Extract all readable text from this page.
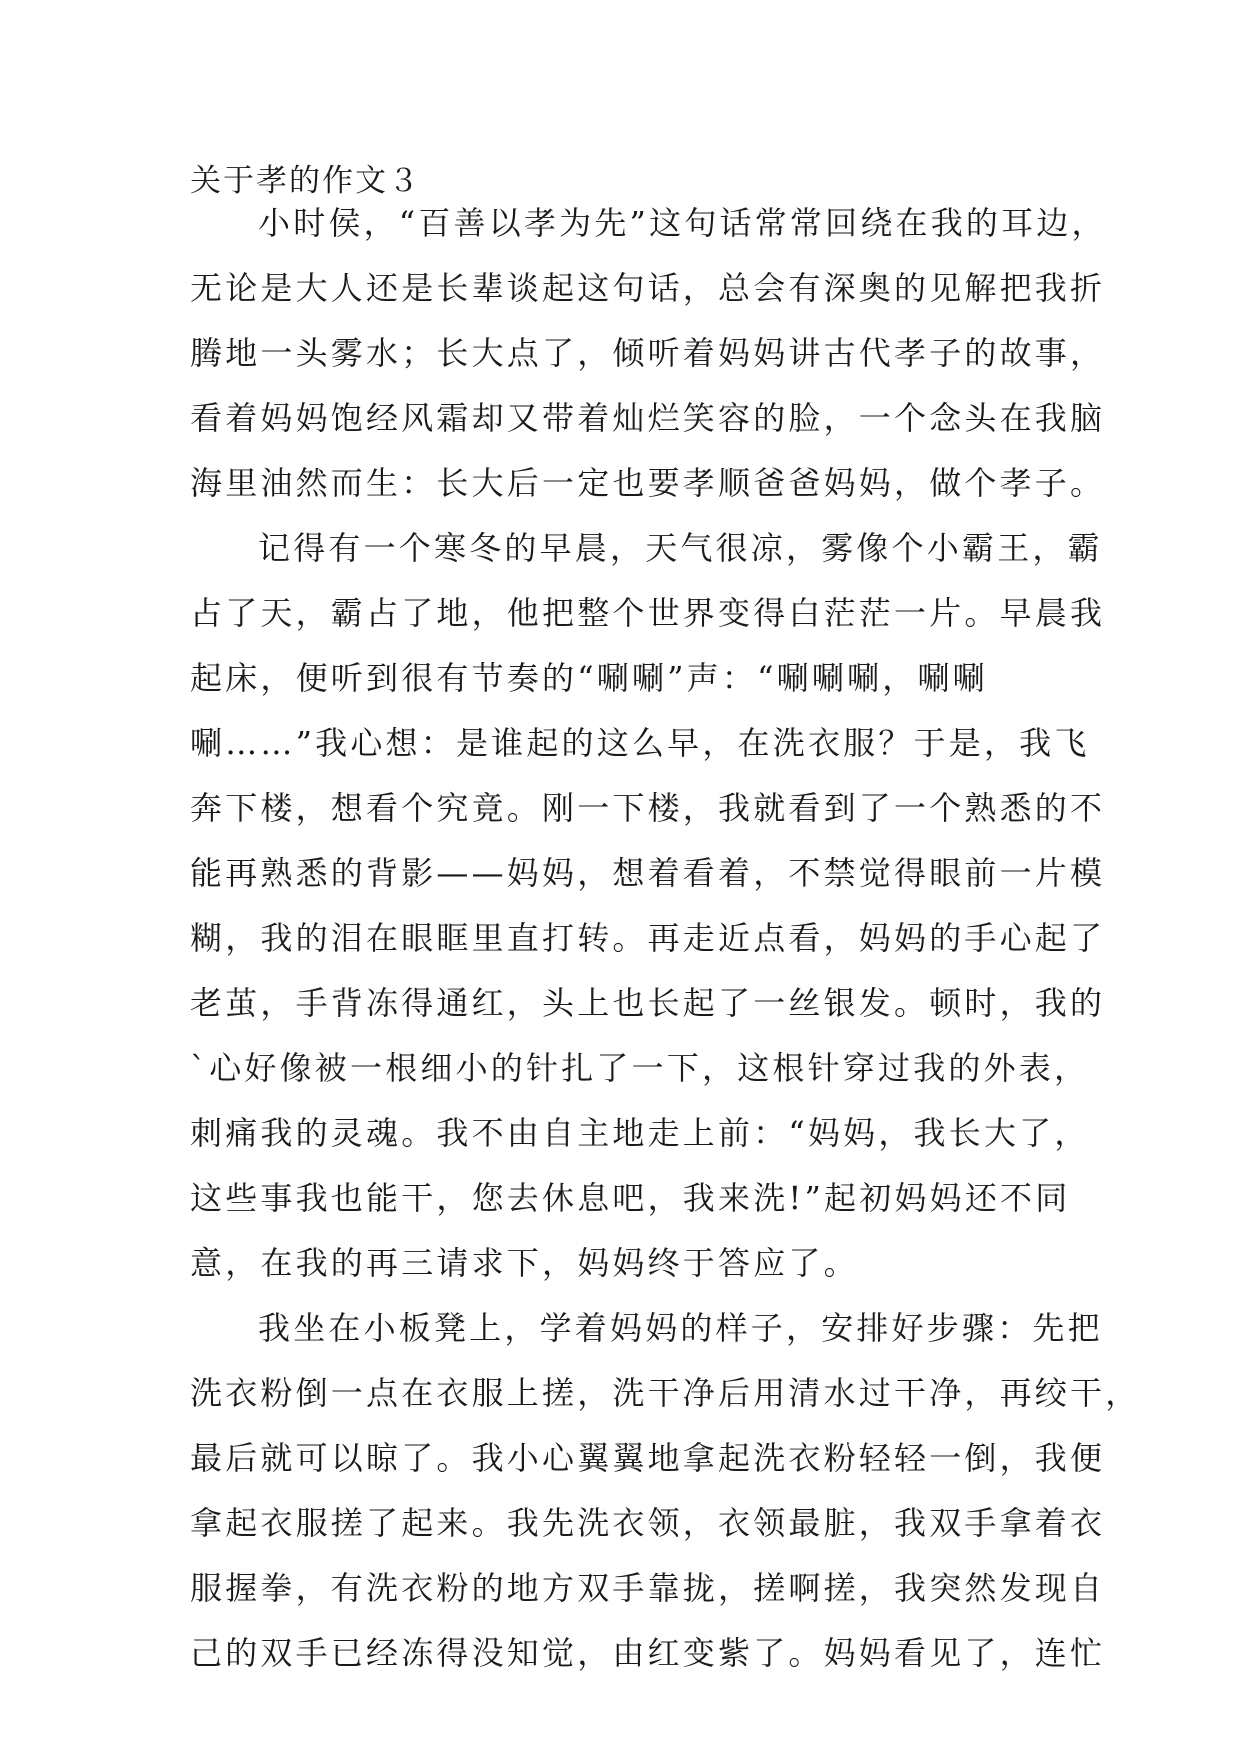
关于孝的作文３
小时侯，“百善以孝为先”这句话常常回绕在我的耳边，
无论是大人还是长辈谈起这句话，总会有深奥的见解把我折
腾地一头雾水；长大点了，倾听着妈妈讲古代孝子的故事，
看着妈妈饱经风霜却又带着灿烂笑容的脸，一个念头在我脑
海里油然而生：长大后一定也要孝顺爸爸妈妈，做个孝子。
记得有一个寒冬的早晨，天气很凉，雾像个小霸王，霸
占了天，霸占了地，他把整个世界变得白茫茫一片。早晨我
起床，便听到很有节奏的“唰唰”声：“唰唰唰，唰唰
唰……”我心想：是谁起的这么早，在洗衣服？于是，我飞
奔下楼，想看个究竟。刚一下楼，我就看到了一个熟悉的不
能再熟悉的背影——妈妈，想着看着，不禁觉得眼前一片模
糊，我的泪在眼眶里直打转。再走近点看，妈妈的手心起了
老茧，手背冻得通红，头上也长起了一丝银发。顿时，我的
`心好像被一根细小的针扎了一下，这根针穿过我的外表，
刺痛我的灵魂。我不由自主地走上前：“妈妈，我长大了，
这些事我也能干，您去休息吧，我来洗!”起初妈妈还不同
意，在我的再三请求下，妈妈终于答应了。
我坐在小板凳上，学着妈妈的样子，安排好步骤：先把
洗衣粉倒一点在衣服上搓，洗干净后用清水过干净，再绞干，
最后就可以晾了。我小心翼翼地拿起洗衣粉轻轻一倒，我便
拿起衣服搓了起来。我先洗衣领，衣领最脏，我双手拿着衣
服握拳，有洗衣粉的地方双手靠拢，搓啊搓，我突然发现自
己的双手已经冻得没知觉，由红变紫了。妈妈看见了，连忙
